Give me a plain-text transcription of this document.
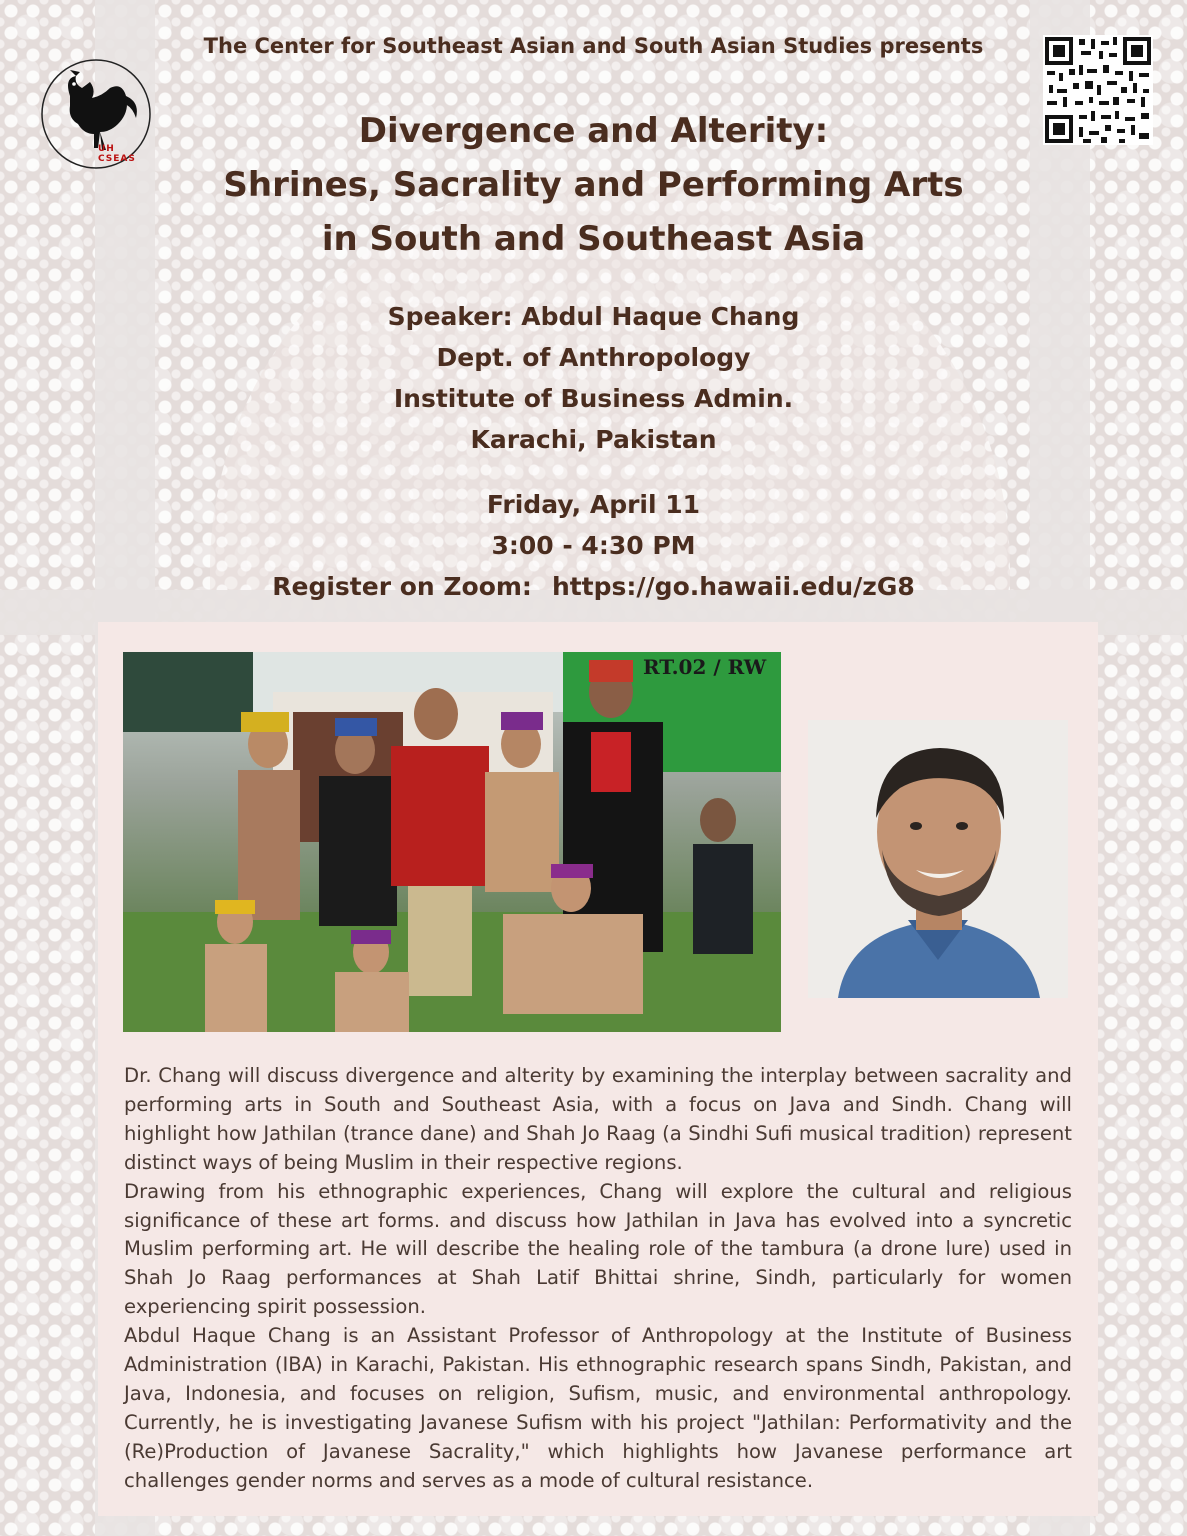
UH CSEAS
The Center for Southeast Asian and South Asian Studies presents
Divergence and Alterity:
Shrines, Sacrality and Performing Arts
in South and Southeast Asia
Speaker: Abdul Haque Chang
Dept. of Anthropology
Institute of Business Admin.
Karachi, Pakistan
Friday, April 11
3:00 - 4:30 PM
Register on Zoom: https://go.hawaii.edu/zG8
RT.02 / RW

Dr. Chang will discuss divergence and alterity by examining the interplay between sacrality and performing arts in South and Southeast Asia, with a focus on Java and Sindh. Chang will highlight how Jathilan (trance dane) and Shah Jo Raag (a Sindhi Sufi musical tradition) represent distinct ways of being Muslim in their respective regions.

Drawing from his ethnographic experiences, Chang will explore the cultural and religious significance of these art forms. and discuss how Jathilan in Java has evolved into a syncretic Muslim performing art. He will describe the healing role of the tambura (a drone lure) used in Shah Jo Raag performances at Shah Latif Bhittai shrine, Sindh, particularly for women experiencing spirit possession.

Abdul Haque Chang is an Assistant Professor of Anthropology at the Institute of Business Administration (IBA) in Karachi, Pakistan. His ethnographic research spans Sindh, Pakistan, and Java, Indonesia, and focuses on religion, Sufism, music, and environmental anthropology. Currently, he is investigating Javanese Sufism with his project "Jathilan: Performativity and the (Re)Production of Javanese Sacrality," which highlights how Javanese performance art challenges gender norms and serves as a mode of cultural resistance.
